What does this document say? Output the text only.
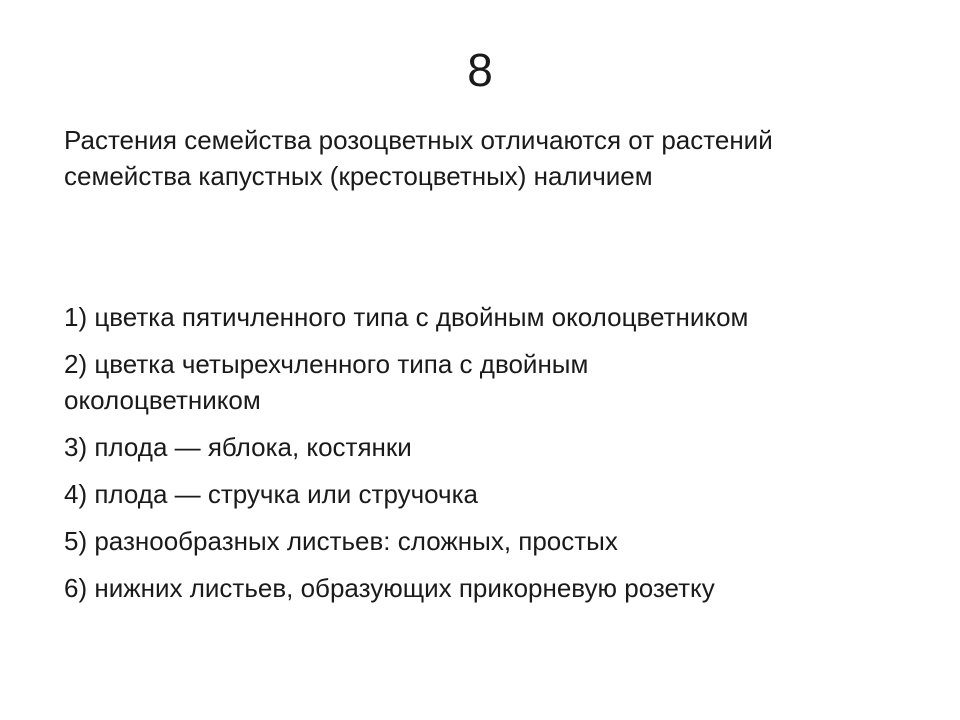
8

Растения семейства розоцветных отличаются от растений семейства капустных (крестоцветных) наличием

1) цветка пятичленного типа с двойным околоцветником
2) цветка четырехчленного типа с двойным околоцветником
3) плода — яблока, костянки
4) плода — стручка или стручочка
5) разнообразных листьев: сложных, простых
6) нижних листьев, образующих прикорневую розетку
